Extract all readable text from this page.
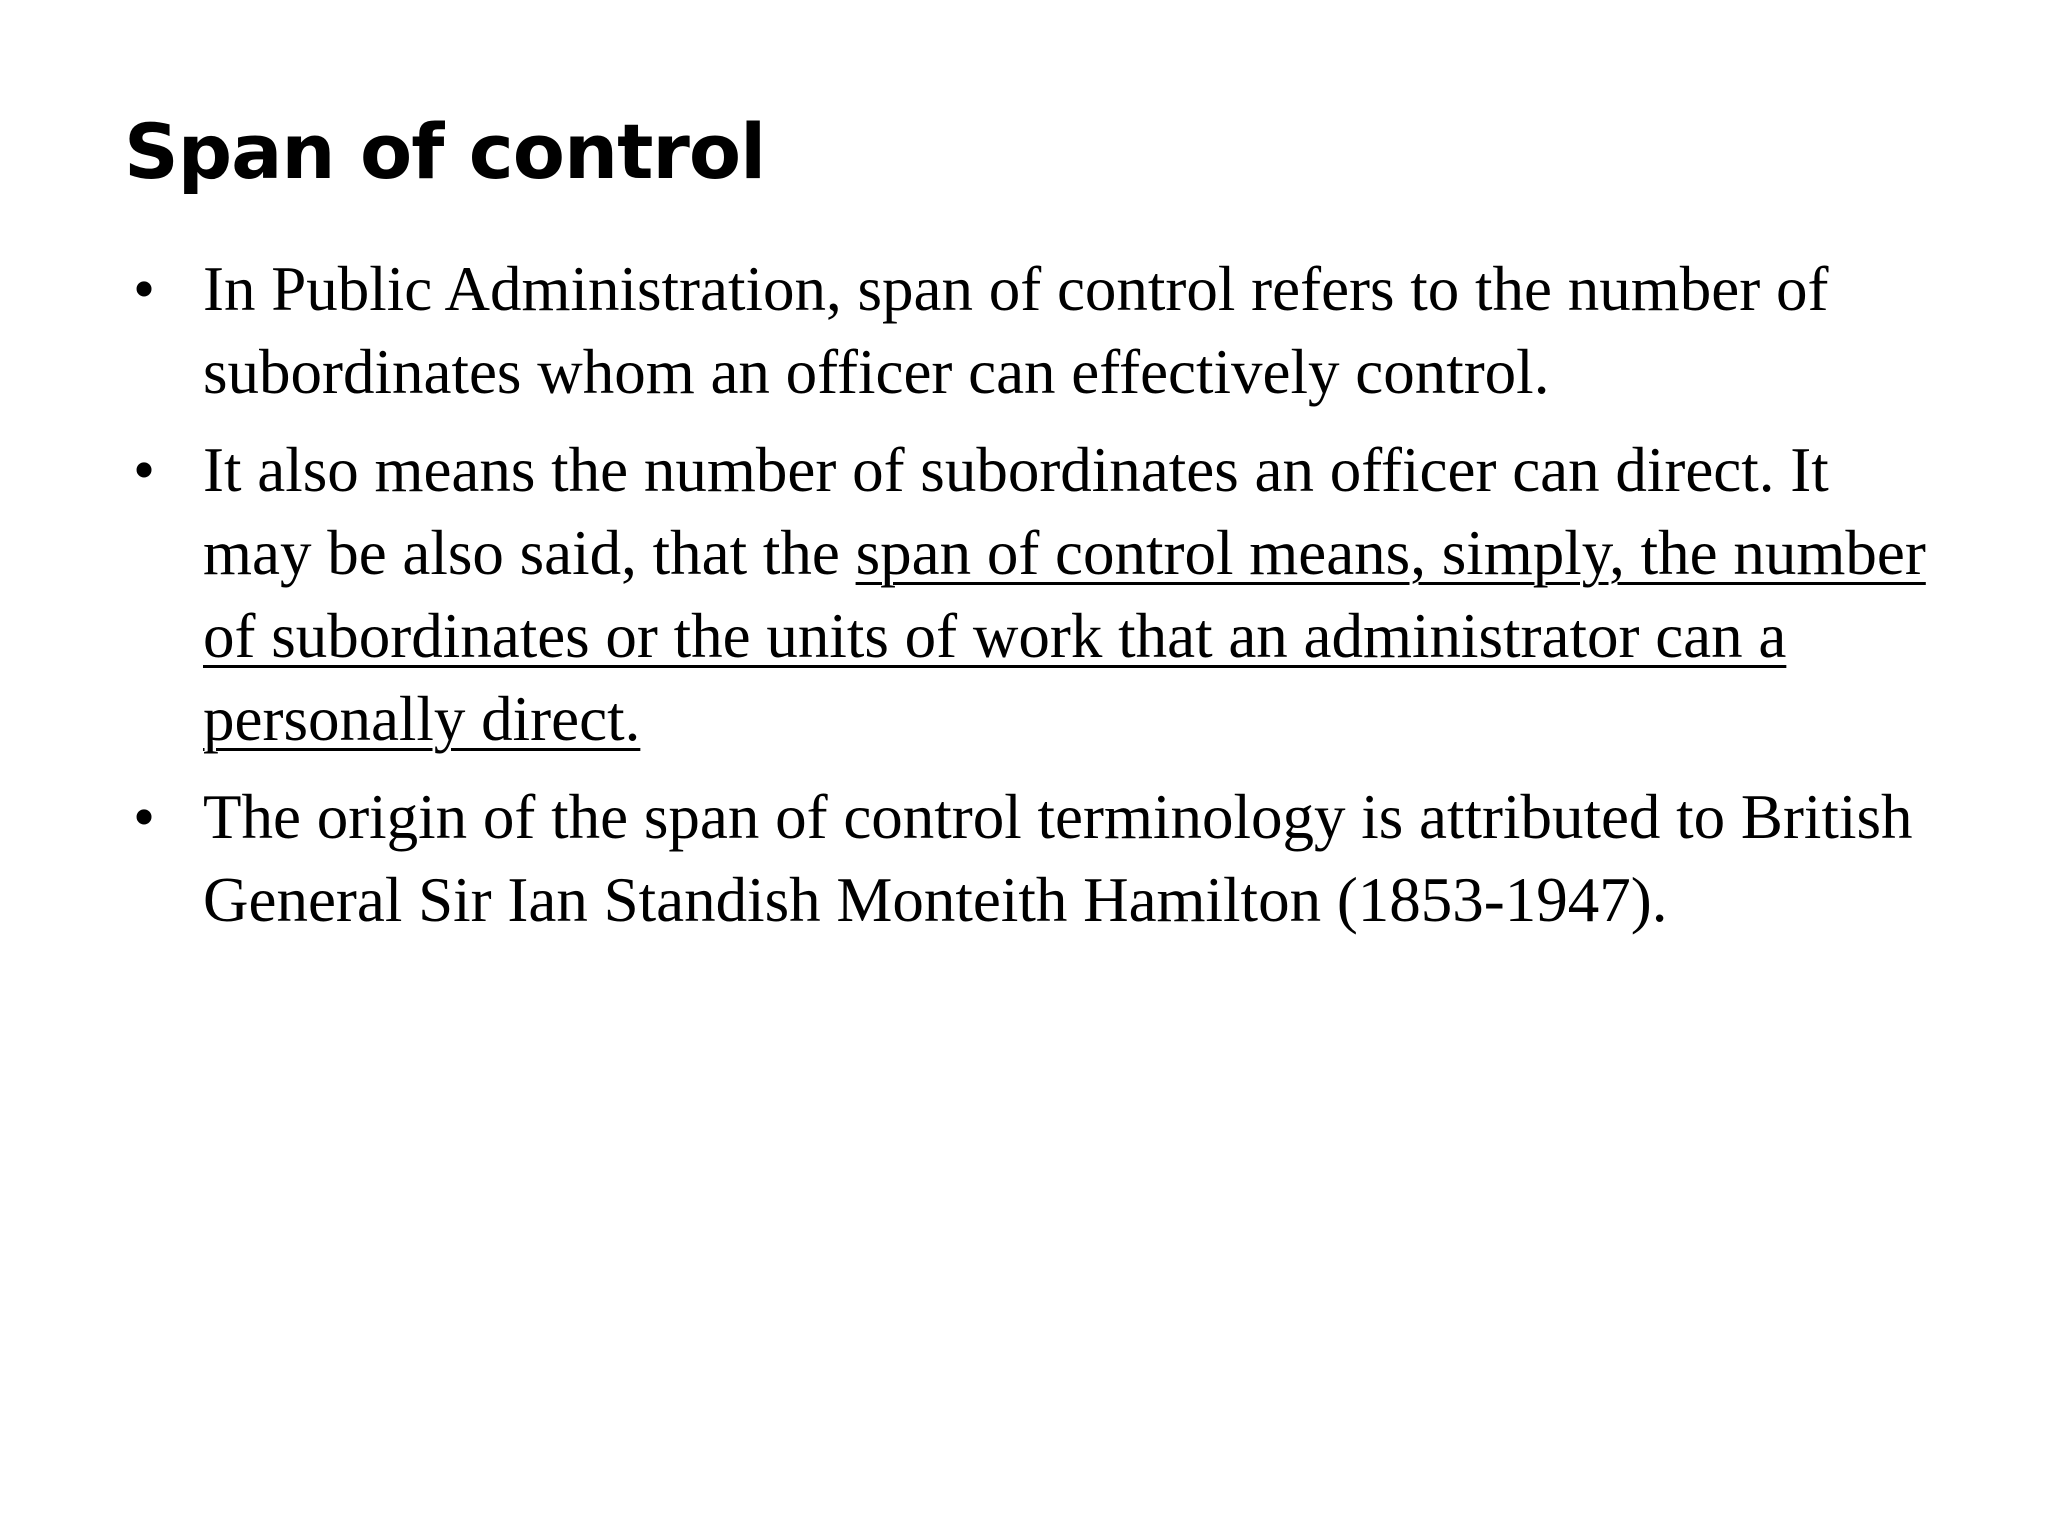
Span of control
• In Public Administration, span of control refers to the number of subordinates whom an officer can effectively control.
• It also means the number of subordinates an officer can direct. It may be also said, that the span of control means, simply, the number of subordinates or the units of work that an administrator can a personally direct.
• The origin of the span of control terminology is attributed to British General Sir Ian Standish Monteith Hamilton (1853-1947).
